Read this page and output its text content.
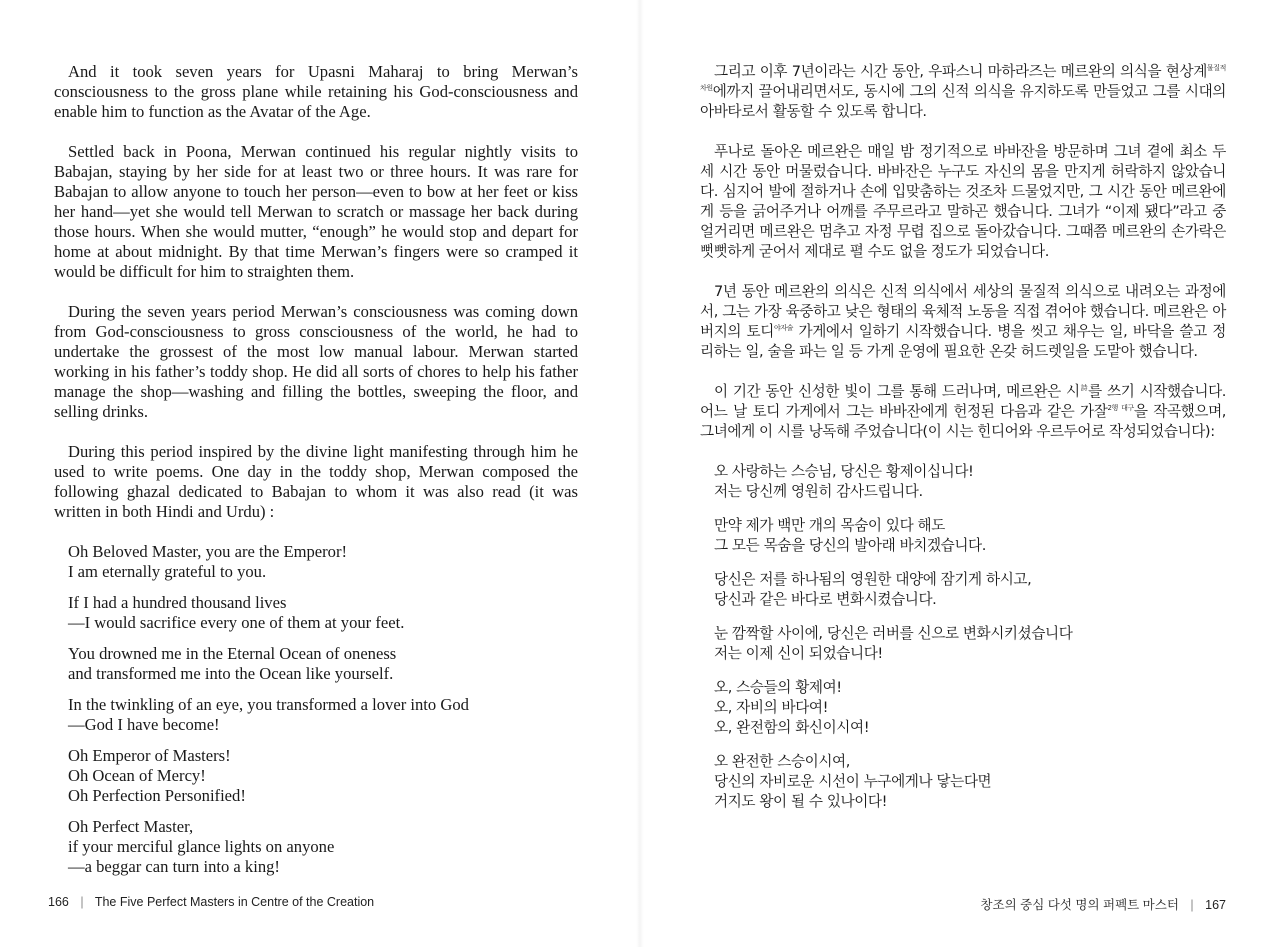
And it took seven years for Upasni Maharaj to bring Merwan’s consciousness to the gross plane while retaining his God-consciousness and enable him to function as the Avatar of the Age.

Settled back in Poona, Merwan continued his regular nightly visits to Babajan, staying by her side for at least two or three hours. It was rare for Babajan to allow anyone to touch her person—even to bow at her feet or kiss her hand—yet she would tell Merwan to scratch or massage her back during those hours. When she would mutter, “enough” he would stop and depart for home at about midnight. By that time Merwan’s fingers were so cramped it would be difficult for him to straighten them.

During the seven years period Merwan’s consciousness was coming down from God-consciousness to gross consciousness of the world, he had to undertake the grossest of the most low manual labour. Merwan started working in his father’s toddy shop. He did all sorts of chores to help his father manage the shop—washing and filling the bottles, sweeping the floor, and selling drinks.

During this period inspired by the divine light manifesting through him he used to write poems. One day in the toddy shop, Merwan composed the following ghazal dedicated to Babajan to whom it was also read (it was written in both Hindi and Urdu) :

Oh Beloved Master, you are the Emperor!
I am eternally grateful to you.
If I had a hundred thousand lives
—I would sacrifice every one of them at your feet.
You drowned me in the Eternal Ocean of oneness
and transformed me into the Ocean like yourself.
In the twinkling of an eye, you transformed a lover into God
—God I have become!
Oh Emperor of Masters!
Oh Ocean of Mercy!
Oh Perfection Personified!
Oh Perfect Master,
if your merciful glance lights on anyone
—a beggar can turn into a king!
166 | The Five Perfect Masters in Centre of the Creation

그리고 이후 7년이라는 시간 동안, 우파스니 마하라즈는 메르완의 의식을 현상계$^{물질적 차원}$에까지 끌어내리면서도, 동시에 그의 신적 의식을 유지하도록 만들었고 그를 시대의 아바타로서 활동할 수 있도록 합니다.

푸나로 돌아온 메르완은 매일 밤 정기적으로 바바잔을 방문하며 그녀 곁에 최소 두세 시간 동안 머물렀습니다. 바바잔은 누구도 자신의 몸을 만지게 허락하지 않았습니다. 심지어 발에 절하거나 손에 입맞춤하는 것조차 드물었지만, 그 시간 동안 메르완에게 등을 긁어주거나 어깨를 주무르라고 말하곤 했습니다. 그녀가 “이제 됐다”라고 중얼거리면 메르완은 멈추고 자정 무렵 집으로 돌아갔습니다. 그때쯤 메르완의 손가락은 뻣뻣하게 굳어서 제대로 펼 수도 없을 정도가 되었습니다.

7년 동안 메르완의 의식은 신적 의식에서 세상의 물질적 의식으로 내려오는 과정에서, 그는 가장 육중하고 낮은 형태의 육체적 노동을 직접 겪어야 했습니다. 메르완은 아버지의 토디$^{야자술}$ 가게에서 일하기 시작했습니다. 병을 씻고 채우는 일, 바닥을 쓸고 정리하는 일, 술을 파는 일 등 가게 운영에 필요한 온갖 허드렛일을 도맡아 했습니다.

이 기간 동안 신성한 빛이 그를 통해 드러나며, 메르완은 시$^詩$를 쓰기 시작했습니다. 어느 날 토디 가게에서 그는 바바잔에게 헌정된 다음과 같은 가잘$^{2행 대구}$을 작곡했으며, 그녀에게 이 시를 낭독해 주었습니다(이 시는 힌디어와 우르두어로 작성되었습니다):

오 사랑하는 스승님, 당신은 황제이십니다!
저는 당신께 영원히 감사드립니다.
만약 제가 백만 개의 목숨이 있다 해도
그 모든 목숨을 당신의 발아래 바치겠습니다.
당신은 저를 하나됨의 영원한 대양에 잠기게 하시고,
당신과 같은 바다로 변화시켰습니다.
눈 깜짝할 사이에, 당신은 러버를 신으로 변화시키셨습니다
저는 이제 신이 되었습니다!
오, 스승들의 황제여!
오, 자비의 바다여!
오, 완전함의 화신이시여!
오 완전한 스승이시여,
당신의 자비로운 시선이 누구에게나 닿는다면
거지도 왕이 될 수 있나이다!
창조의 중심 다섯 명의 퍼펙트 마스터 | 167
